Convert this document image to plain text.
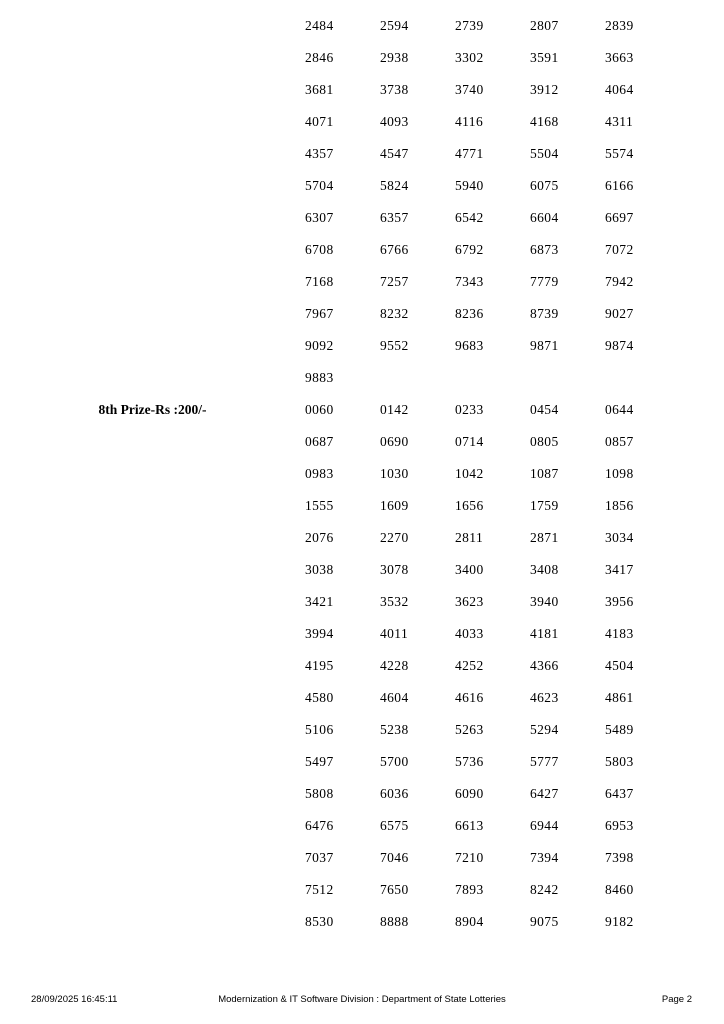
2484	2594	2739	2807	2839
2846	2938	3302	3591	3663
3681	3738	3740	3912	4064
4071	4093	4116	4168	4311
4357	4547	4771	5504	5574
5704	5824	5940	6075	6166
6307	6357	6542	6604	6697
6708	6766	6792	6873	7072
7168	7257	7343	7779	7942
7967	8232	8236	8739	9027
9092	9552	9683	9871	9874
9883
8th Prize-Rs :200/-	0060	0142	0233	0454	0644
0687	0690	0714	0805	0857
0983	1030	1042	1087	1098
1555	1609	1656	1759	1856
2076	2270	2811	2871	3034
3038	3078	3400	3408	3417
3421	3532	3623	3940	3956
3994	4011	4033	4181	4183
4195	4228	4252	4366	4504
4580	4604	4616	4623	4861
5106	5238	5263	5294	5489
5497	5700	5736	5777	5803
5808	6036	6090	6427	6437
6476	6575	6613	6944	6953
7037	7046	7210	7394	7398
7512	7650	7893	8242	8460
8530	8888	8904	9075	9182
28/09/2025 16:45:11	Modernization & IT Software Division : Department of State Lotteries	Page 2
